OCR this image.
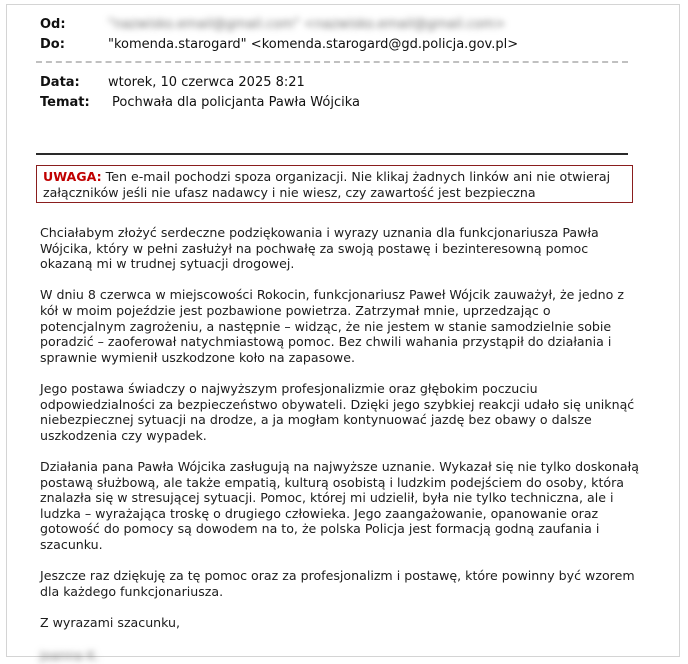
Od:	"nazwisko.email@gmail.com" <nazwisko.email@gmail.com>
Do:	"komenda.starogard" <komenda.starogard@gd.policja.gov.pl>
Data: wtorek, 10 czerwca 2025 8:21
Temat: Pochwała dla policjanta Pawła Wójcika
UWAGA: Ten e-mail pochodzi spoza organizacji. Nie klikaj żadnych linków ani nie otwieraj załączników jeśli nie ufasz nadawcy i nie wiesz, czy zawartość jest bezpieczna

Chciałabym złożyć serdeczne podziękowania i wyrazy uznania dla funkcjonariusza Pawła Wójcika, który w pełni zasłużył na pochwałę za swoją postawę i bezinteresowną pomoc okazaną mi w trudnej sytuacji drogowej.

W dniu 8 czerwca w miejscowości Rokocin, funkcjonariusz Paweł Wójcik zauważył, że jedno z kół w moim pojeździe jest pozbawione powietrza. Zatrzymał mnie, uprzedzając o potencjalnym zagrożeniu, a następnie – widząc, że nie jestem w stanie samodzielnie sobie poradzić – zaoferował natychmiastową pomoc. Bez chwili wahania przystąpił do działania i sprawnie wymienił uszkodzone koło na zapasowe.

Jego postawa świadczy o najwyższym profesjonalizmie oraz głębokim poczuciu odpowiedzialności za bezpieczeństwo obywateli. Dzięki jego szybkiej reakcji udało się uniknąć niebezpiecznej sytuacji na drodze, a ja mogłam kontynuować jazdę bez obawy o dalsze uszkodzenia czy wypadek.

Działania pana Pawła Wójcika zasługują na najwyższe uznanie. Wykazał się nie tylko doskonałą postawą służbową, ale także empatią, kulturą osobistą i ludzkim podejściem do osoby, która znalazła się w stresującej sytuacji. Pomoc, której mi udzielił, była nie tylko techniczna, ale i ludzka – wyrażająca troskę o drugiego człowieka. Jego zaangażowanie, opanowanie oraz gotowość do pomocy są dowodem na to, że polska Policja jest formacją godną zaufania i szacunku.

Jeszcze raz dziękuję za tę pomoc oraz za profesjonalizm i postawę, które powinny być wzorem dla każdego funkcjonariusza.

Z wyrazami szacunku,

Joanna K.
